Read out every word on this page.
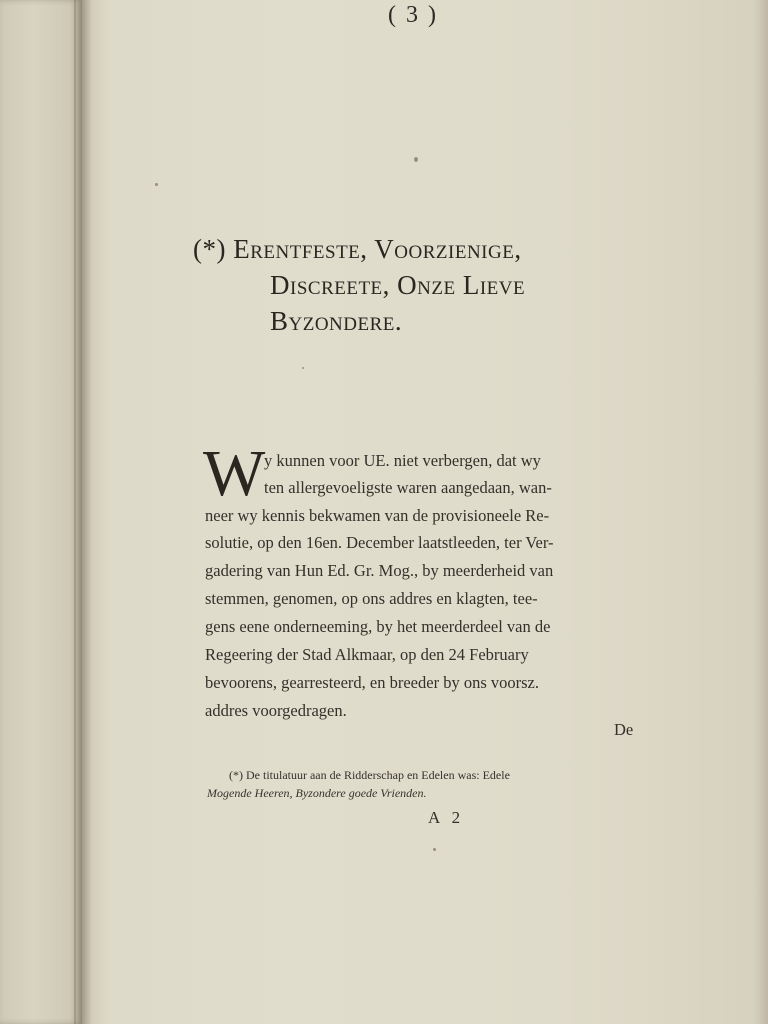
( 3 )
(*) Erentfeste, Voorzienige,
Discreete, Onze Lieve
Byzondere.
W
y kunnen voor UE. niet verbergen, dat wy
ten allergevoeligste waren aangedaan, wan-
neer wy kennis bekwamen van de provisioneele Re-
solutie, op den 16en. December laatstleeden, ter Ver-
gadering van Hun Ed. Gr. Mog., by meerderheid van
stemmen, genomen, op ons addres en klagten, tee-
gens eene onderneeming, by het meerderdeel van de
Regeering der Stad Alkmaar, op den 24 February
bevoorens, gearresteerd, en breeder by ons voorsz.
addres voorgedragen.
De
(*) De titulatuur aan de Ridderschap en Edelen was: Edele
Mogende Heeren, Byzondere goede Vrienden.
A 2
